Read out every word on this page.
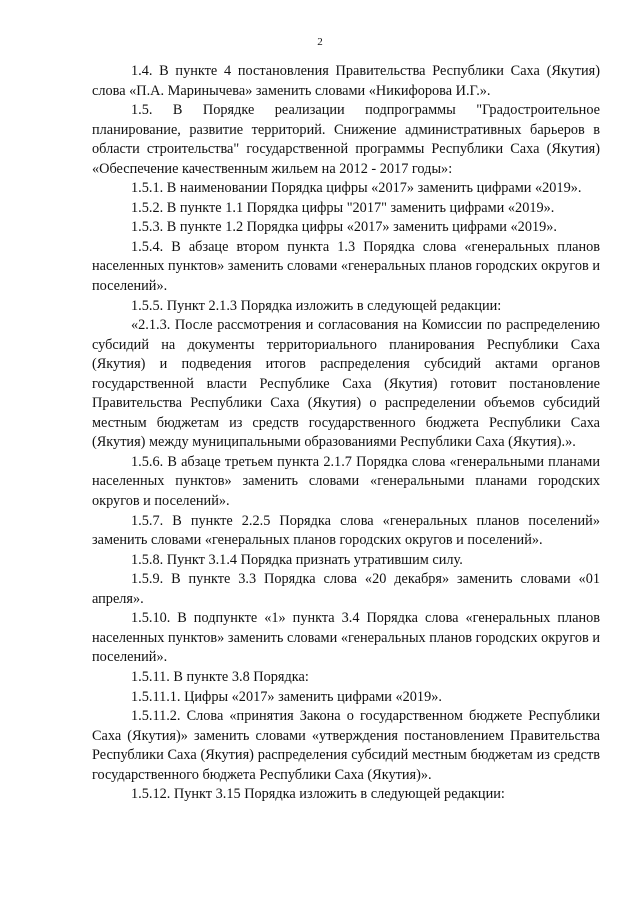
2

1.4. В пункте 4 постановления Правительства Республики Саха (Якутия) слова «П.А. Маринычева» заменить словами «Никифорова И.Г.».

1.5. В Порядке реализации подпрограммы "Градостроительное планирование, развитие территорий. Снижение административных барьеров в области строительства" государственной программы Республики Саха (Якутия) «Обеспечение качественным жильем на 2012 - 2017 годы»:

1.5.1. В наименовании Порядка цифры «2017» заменить цифрами «2019».

1.5.2. В пункте 1.1 Порядка цифры "2017" заменить цифрами «2019».

1.5.3. В пункте 1.2 Порядка цифры «2017» заменить цифрами «2019».

1.5.4. В абзаце втором пункта 1.3 Порядка слова «генеральных планов населенных пунктов» заменить словами «генеральных планов городских округов и поселений».

1.5.5. Пункт 2.1.3 Порядка изложить в следующей редакции:

«2.1.3. После рассмотрения и согласования на Комиссии по распределению субсидий на документы территориального планирования Республики Саха (Якутия) и подведения итогов распределения субсидий актами органов государственной власти Республике Саха (Якутия) готовит постановление Правительства Республики Саха (Якутия) о распределении объемов субсидий местным бюджетам из средств государственного бюджета Республики Саха (Якутия) между муниципальными образованиями Республики Саха (Якутия).».

1.5.6. В абзаце третьем пункта 2.1.7 Порядка слова «генеральными планами населенных пунктов» заменить словами «генеральными планами городских округов и поселений».

1.5.7. В пункте 2.2.5 Порядка слова «генеральных планов поселений» заменить словами «генеральных планов городских округов и поселений».

1.5.8. Пункт 3.1.4 Порядка признать утратившим силу.

1.5.9. В пункте 3.3 Порядка слова «20 декабря» заменить словами «01 апреля».

1.5.10. В подпункте «1» пункта 3.4 Порядка слова «генеральных планов населенных пунктов» заменить словами «генеральных планов городских округов и поселений».

1.5.11. В пункте 3.8 Порядка:

1.5.11.1. Цифры «2017» заменить цифрами «2019».

1.5.11.2. Слова «принятия Закона о государственном бюджете Республики Саха (Якутия)» заменить словами «утверждения постановлением Правительства Республики Саха (Якутия) распределения субсидий местным бюджетам из средств государственного бюджета Республики Саха (Якутия)».

1.5.12. Пункт 3.15 Порядка изложить в следующей редакции:
